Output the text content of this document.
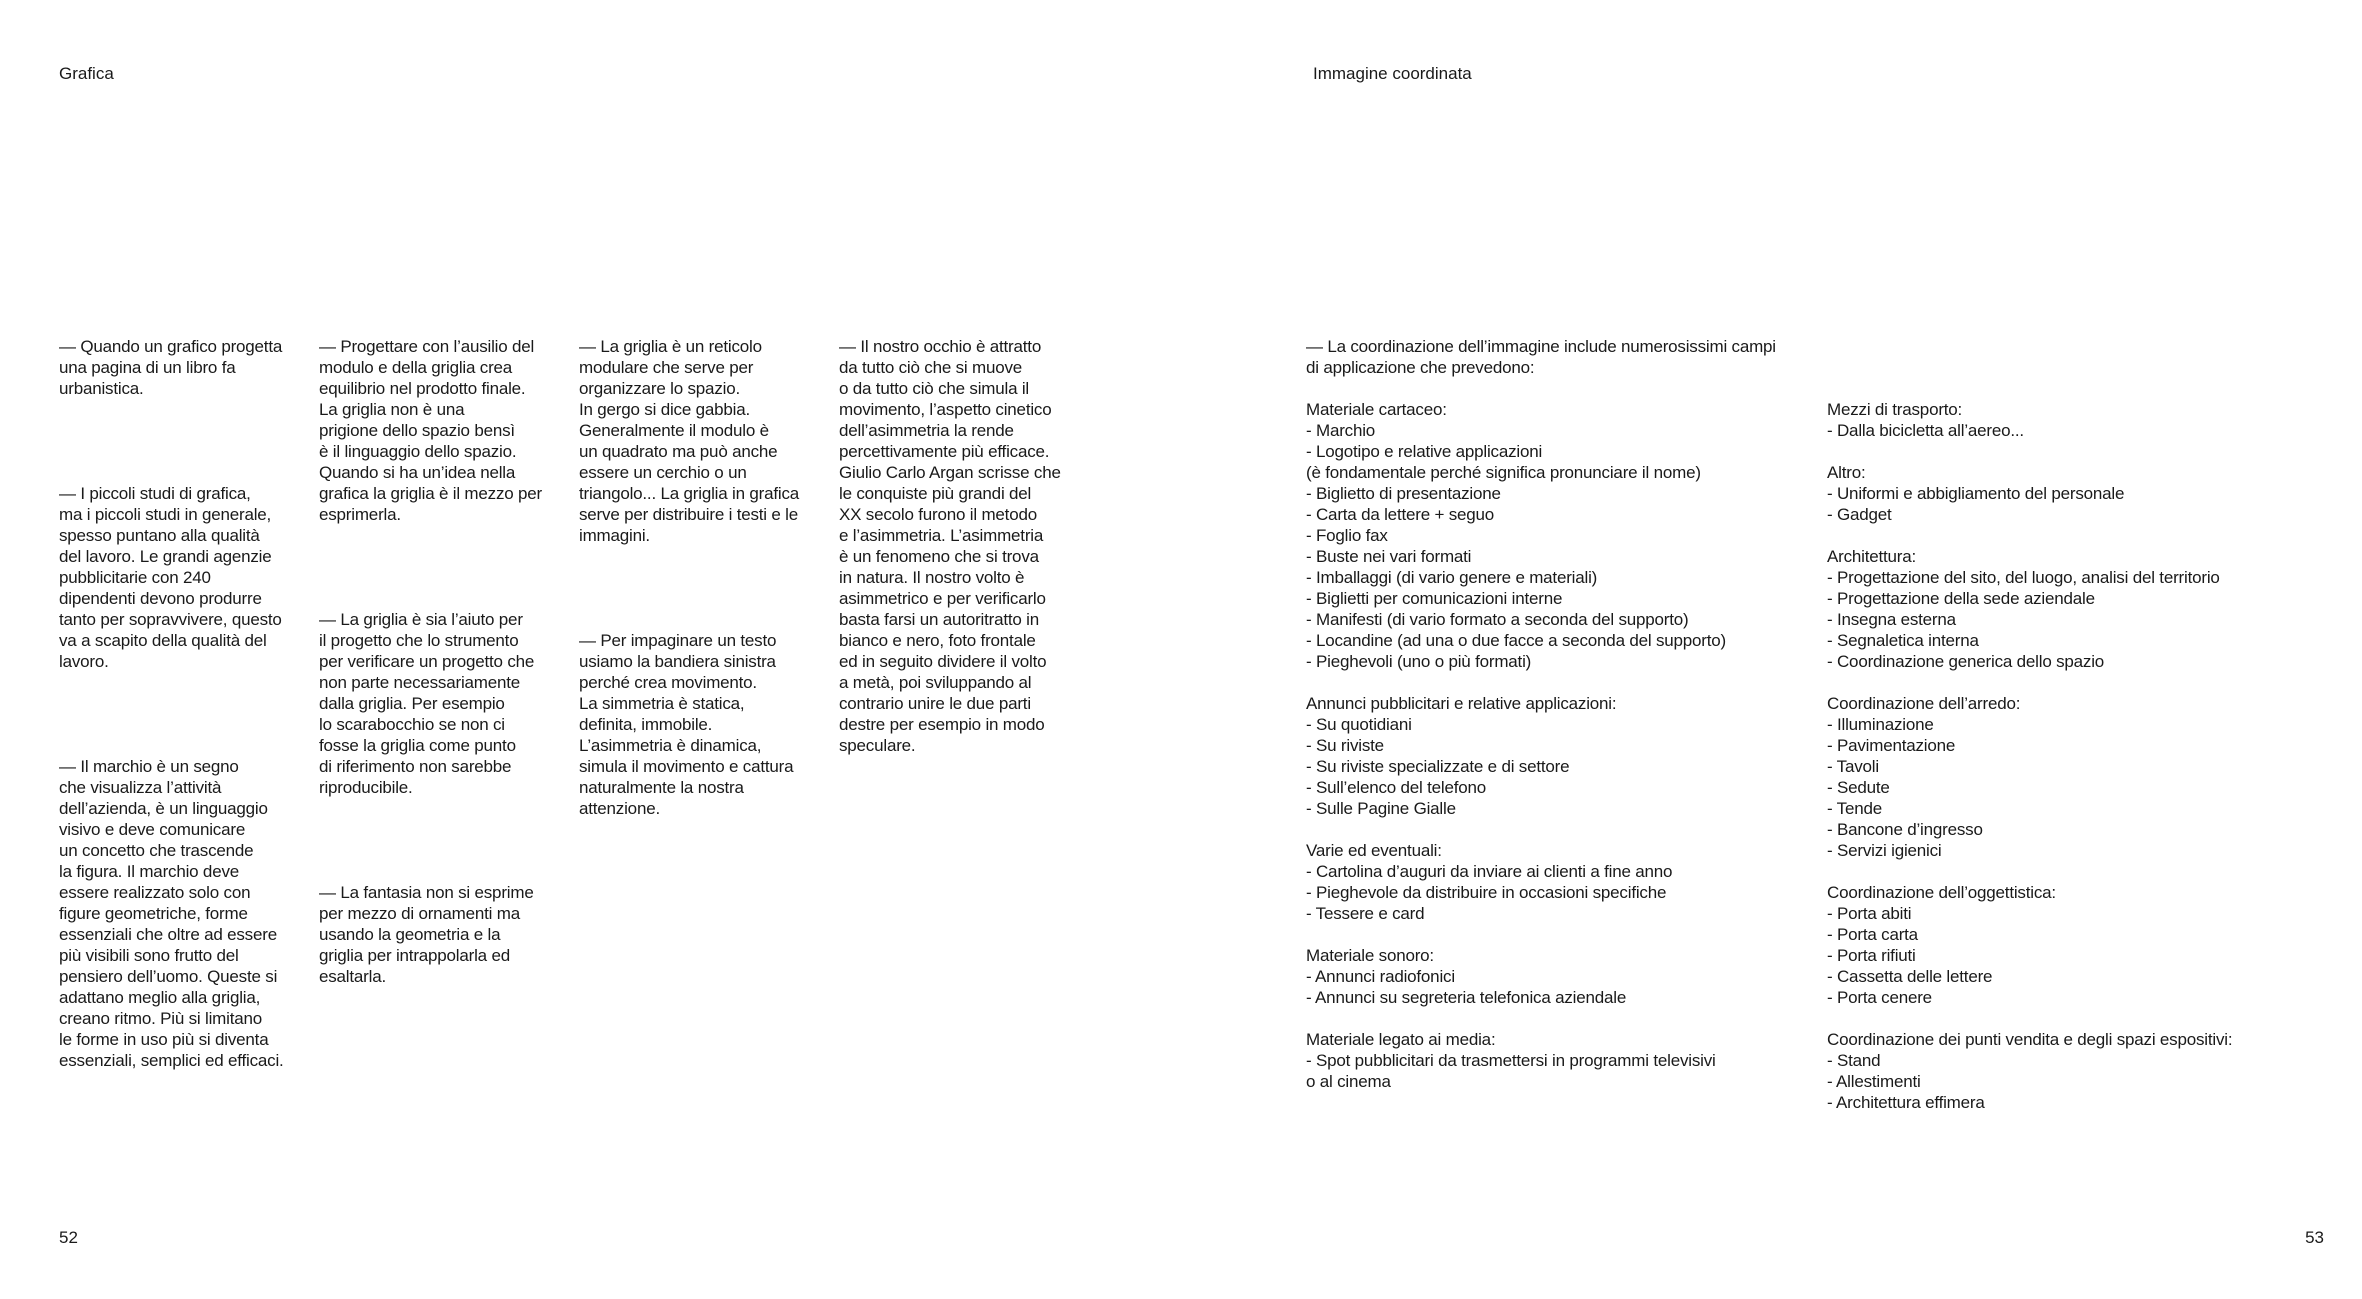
Grafica	Immagine coordinata

— Quando un grafico progetta
una pagina di un libro fa
urbanistica.

— I piccoli studi di grafica,
ma i piccoli studi in generale,
spesso puntano alla qualità
del lavoro. Le grandi agenzie
pubblicitarie con 240
dipendenti devono produrre
tanto per sopravvivere, questo
va a scapito della qualità del
lavoro.

— Il marchio è un segno
che visualizza l’attività
dell’azienda, è un linguaggio
visivo e deve comunicare
un concetto che trascende
la figura. Il marchio deve
essere realizzato solo con
figure geometriche, forme
essenziali che oltre ad essere
più visibili sono frutto del
pensiero dell’uomo. Queste si
adattano meglio alla griglia,
creano ritmo. Più si limitano
le forme in uso più si diventa
essenziali, semplici ed efficaci.

— Progettare con l’ausilio del
modulo e della griglia crea
equilibrio nel prodotto finale.
La griglia non è una
prigione dello spazio bensì
è il linguaggio dello spazio.
Quando si ha un’idea nella
grafica la griglia è il mezzo per
esprimerla.

— La griglia è sia l’aiuto per
il progetto che lo strumento
per verificare un progetto che
non parte necessariamente
dalla griglia. Per esempio
lo scarabocchio se non ci
fosse la griglia come punto
di riferimento non sarebbe
riproducibile.

— La fantasia non si esprime
per mezzo di ornamenti ma
usando la geometria e la
griglia per intrappolarla ed
esaltarla.

— La griglia è un reticolo
modulare che serve per
organizzare lo spazio.
In gergo si dice gabbia.
Generalmente il modulo è
un quadrato ma può anche
essere un cerchio o un
triangolo... La griglia in grafica
serve per distribuire i testi e le
immagini.

— Per impaginare un testo
usiamo la bandiera sinistra
perché crea movimento.
La simmetria è statica,
definita, immobile.
L’asimmetria è dinamica,
simula il movimento e cattura
naturalmente la nostra
attenzione.

— Il nostro occhio è attratto
da tutto ciò che si muove
o da tutto ciò che simula il
movimento, l’aspetto cinetico
dell’asimmetria la rende
percettivamente più efficace.
Giulio Carlo Argan scrisse che
le conquiste più grandi del
XX secolo furono il metodo
e l’asimmetria. L’asimmetria
è un fenomeno che si trova
in natura. Il nostro volto è
asimmetrico e per verificarlo
basta farsi un autoritratto in
bianco e nero, foto frontale
ed in seguito dividere il volto
a metà, poi sviluppando al
contrario unire le due parti
destre per esempio in modo
speculare.

— La coordinazione dell’immagine include numerosissimi campi
di applicazione che prevedono:

Materiale cartaceo:

- Marchio
- Logotipo e relative applicazioni
(è fondamentale perché significa pronunciare il nome)
- Biglietto di presentazione
- Carta da lettere + seguo
- Foglio fax
- Buste nei vari formati
- Imballaggi (di vario genere e materiali)
- Biglietti per comunicazioni interne
- Manifesti (di vario formato a seconda del supporto)
- Locandine (ad una o due facce a seconda del supporto)
- Pieghevoli (uno o più formati)

Annunci pubblicitari e relative applicazioni:

- Su quotidiani
- Su riviste
- Su riviste specializzate e di settore
- Sull’elenco del telefono
- Sulle Pagine Gialle

Varie ed eventuali:

- Cartolina d’auguri da inviare ai clienti a fine anno
- Pieghevole da distribuire in occasioni specifiche
- Tessere e card

Materiale sonoro:

- Annunci radiofonici
- Annunci su segreteria telefonica aziendale

Materiale legato ai media:

- Spot pubblicitari da trasmettersi in programmi televisivi
o al cinema

Mezzi di trasporto:

- Dalla bicicletta all’aereo...

Altro:

- Uniformi e abbigliamento del personale
- Gadget

Architettura:

- Progettazione del sito, del luogo, analisi del territorio
- Progettazione della sede aziendale
- Insegna esterna
- Segnaletica interna
- Coordinazione generica dello spazio

Coordinazione dell’arredo:

- Illuminazione
- Pavimentazione
- Tavoli
- Sedute
- Tende
- Bancone d’ingresso
- Servizi igienici

Coordinazione dell’oggettistica:

- Porta abiti
- Porta carta
- Porta rifiuti
- Cassetta delle lettere
- Porta cenere

Coordinazione dei punti vendita e degli spazi espositivi:

- Stand
- Allestimenti
- Architettura effimera
52	53
